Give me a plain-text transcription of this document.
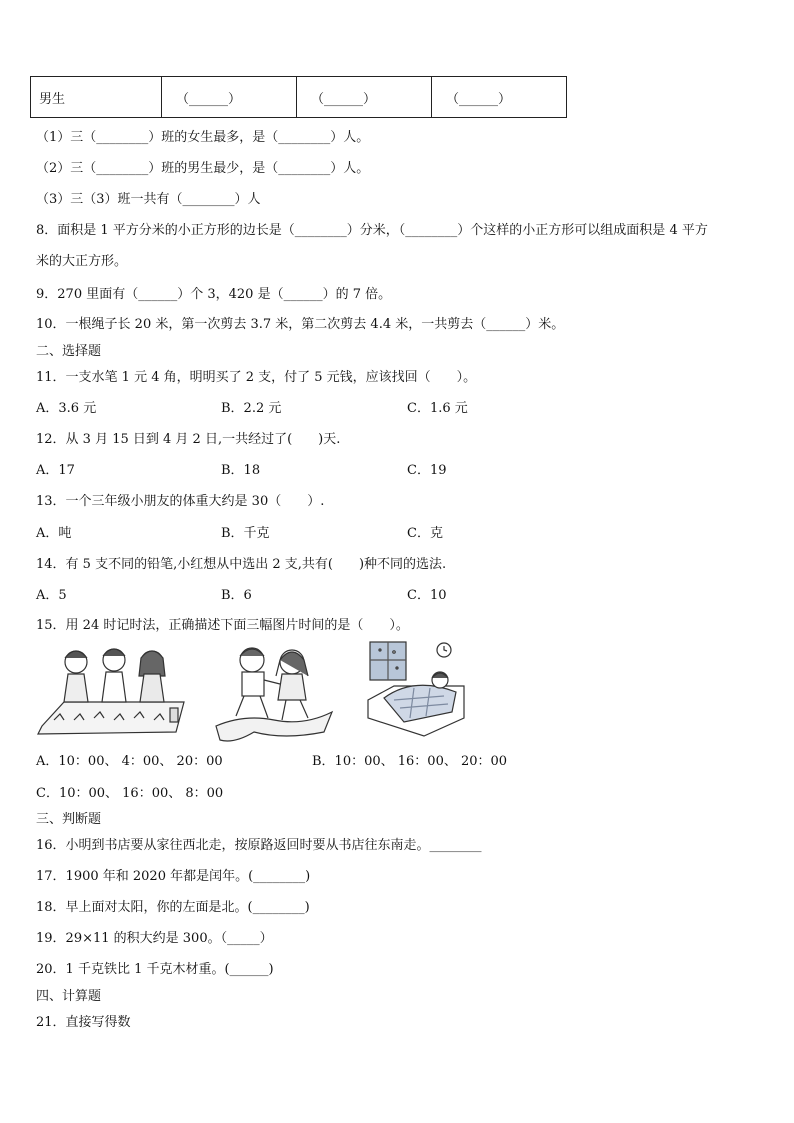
男生	（______）	（______）	（______）
（1）三（________）班的女生最多，是（________）人。
（2）三（________）班的男生最少，是（________）人。
（3）三（3）班一共有（________）人
8．面积是 1 平方分米的小正方形的边长是（________）分米，（________）个这样的小正方形可以组成面积是 4 平方
米的大正方形。
9．270 里面有（______）个 3，420 是（______）的 7 倍。
10．一根绳子长 20 米，第一次剪去 3.7 米，第二次剪去 4.4 米，一共剪去（______）米。
二、选择题
11．一支水笔 1 元 4 角，明明买了 2 支，付了 5 元钱，应该找回（　　）。
A．3.6 元	B．2.2 元	C．1.6 元
12．从 3 月 15 日到 4 月 2 日,一共经过了(　　)天.
A．17	B．18	C．19
13．一个三年级小朋友的体重大约是 30（　　）.
A．吨	B．千克	C．克
14．有 5 支不同的铅笔,小红想从中选出 2 支,共有(　　)种不同的选法.
A．5	B．6	C．10
15．用 24 时记时法，正确描述下面三幅图片时间的是（　　）。
A．10：00、 4：00、 20：00	B．10：00、 16：00、 20：00
C．10：00、 16：00、 8：00
三、判断题
16．小明到书店要从家往西北走，按原路返回时要从书店往东南走。________
17．1900 年和 2020 年都是闰年。(________)
18．早上面对太阳，你的左面是北。(________)
19．29×11 的积大约是 300。（_____）
20．1 千克铁比 1 千克木材重。(______)
四、计算题
21．直接写得数
